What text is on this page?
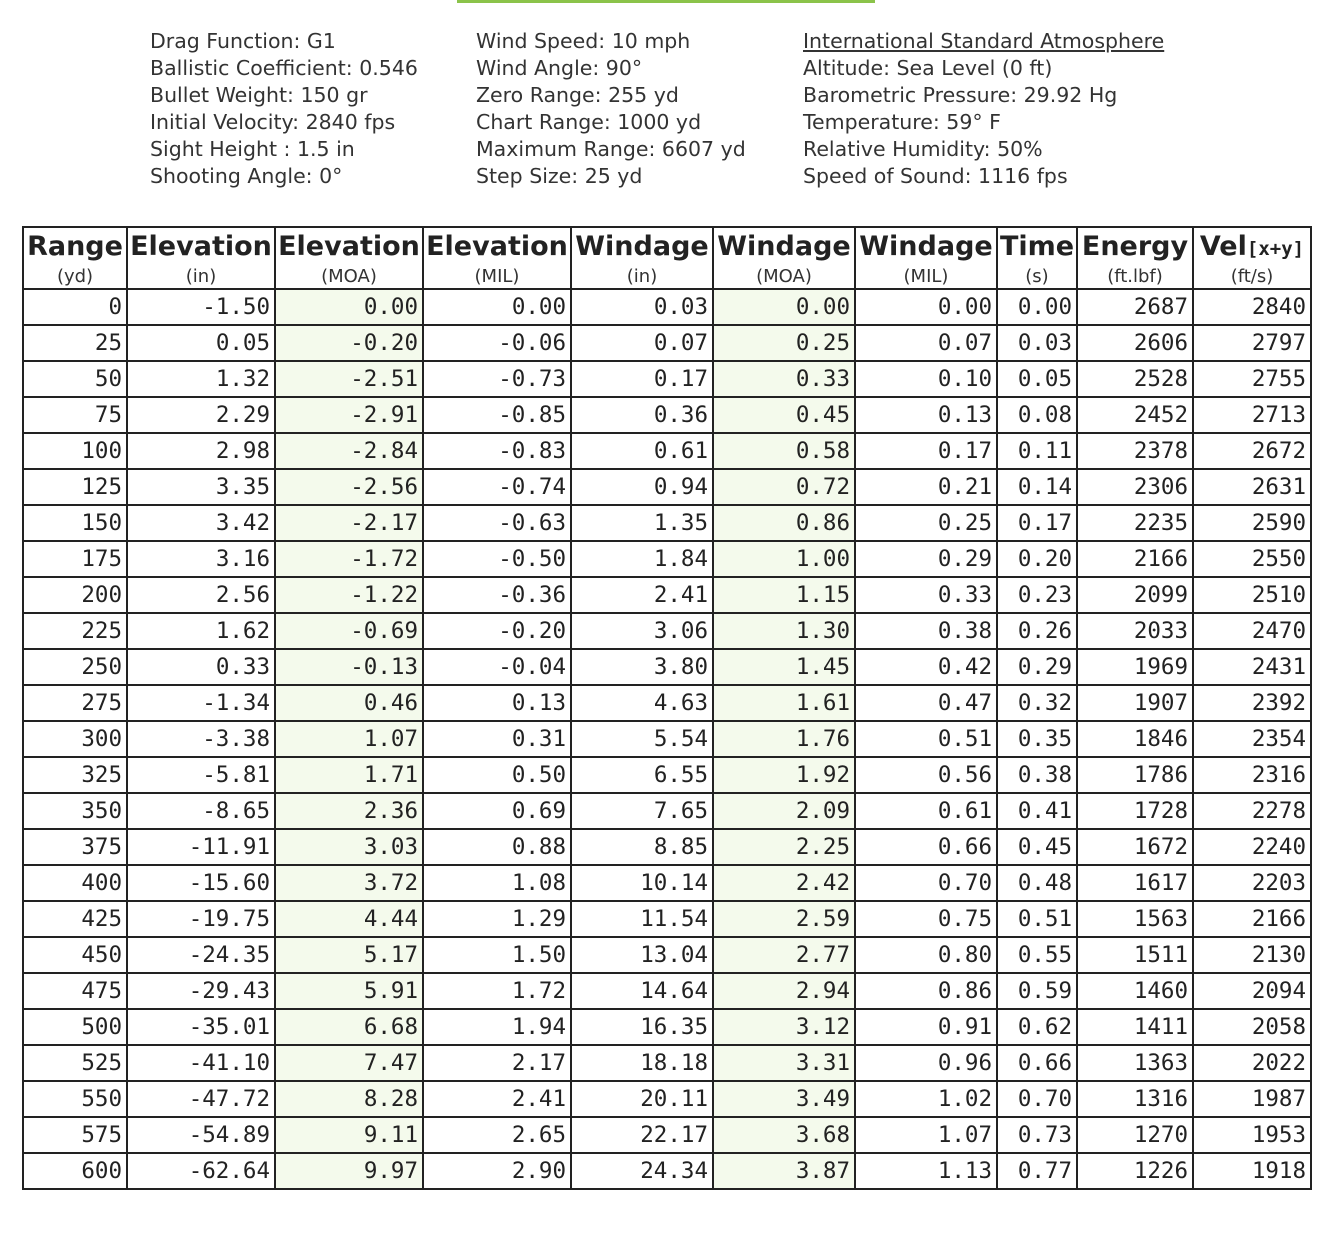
Drag Function: G1
Ballistic Coefficient: 0.546
Bullet Weight: 150 gr
Initial Velocity: 2840 fps
Sight Height : 1.5 in
Shooting Angle: 0°
Wind Speed: 10 mph
Wind Angle: 90°
Zero Range: 255 yd
Chart Range: 1000 yd
Maximum Range: 6607 yd
Step Size: 25 yd
International Standard Atmosphere
Altitude: Sea Level (0 ft)
Barometric Pressure: 29.92 Hg
Temperature: 59° F
Relative Humidity: 50%
Speed of Sound: 1116 fps
Range	Elevation	Elevation	Elevation	Windage	Windage	Windage	Time	Energy	Vel[x+y]
(yd)	(in)	(MOA)	(MIL)	(in)	(MOA)	(MIL)	(s)	(ft.lbf)	(ft/s)
0	-1.50	0.00	0.00	0.03	0.00	0.00	0.00	2687	2840
25	0.05	-0.20	-0.06	0.07	0.25	0.07	0.03	2606	2797
50	1.32	-2.51	-0.73	0.17	0.33	0.10	0.05	2528	2755
75	2.29	-2.91	-0.85	0.36	0.45	0.13	0.08	2452	2713
100	2.98	-2.84	-0.83	0.61	0.58	0.17	0.11	2378	2672
125	3.35	-2.56	-0.74	0.94	0.72	0.21	0.14	2306	2631
150	3.42	-2.17	-0.63	1.35	0.86	0.25	0.17	2235	2590
175	3.16	-1.72	-0.50	1.84	1.00	0.29	0.20	2166	2550
200	2.56	-1.22	-0.36	2.41	1.15	0.33	0.23	2099	2510
225	1.62	-0.69	-0.20	3.06	1.30	0.38	0.26	2033	2470
250	0.33	-0.13	-0.04	3.80	1.45	0.42	0.29	1969	2431
275	-1.34	0.46	0.13	4.63	1.61	0.47	0.32	1907	2392
300	-3.38	1.07	0.31	5.54	1.76	0.51	0.35	1846	2354
325	-5.81	1.71	0.50	6.55	1.92	0.56	0.38	1786	2316
350	-8.65	2.36	0.69	7.65	2.09	0.61	0.41	1728	2278
375	-11.91	3.03	0.88	8.85	2.25	0.66	0.45	1672	2240
400	-15.60	3.72	1.08	10.14	2.42	0.70	0.48	1617	2203
425	-19.75	4.44	1.29	11.54	2.59	0.75	0.51	1563	2166
450	-24.35	5.17	1.50	13.04	2.77	0.80	0.55	1511	2130
475	-29.43	5.91	1.72	14.64	2.94	0.86	0.59	1460	2094
500	-35.01	6.68	1.94	16.35	3.12	0.91	0.62	1411	2058
525	-41.10	7.47	2.17	18.18	3.31	0.96	0.66	1363	2022
550	-47.72	8.28	2.41	20.11	3.49	1.02	0.70	1316	1987
575	-54.89	9.11	2.65	22.17	3.68	1.07	0.73	1270	1953
600	-62.64	9.97	2.90	24.34	3.87	1.13	0.77	1226	1918
